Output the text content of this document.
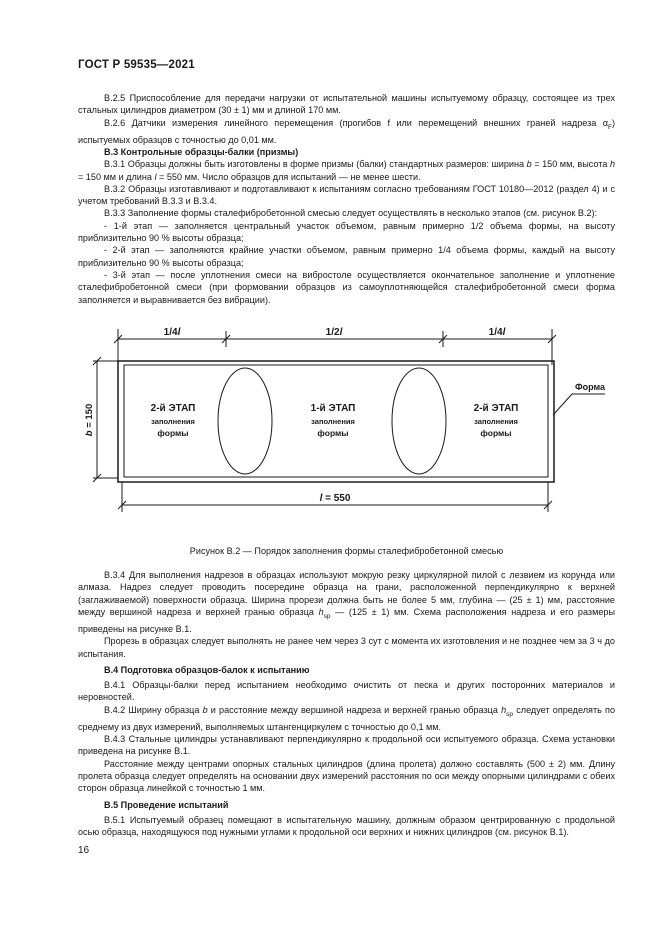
ГОСТ Р 59535—2021

В.2.5 Приспособление для передачи нагрузки от испытательной машины испытуемому образцу, состоящее из трех стальных цилиндров диаметром (30 ± 1) мм и длиной 170 мм.

В.2.6 Датчики измерения линейного перемещения (прогибов f или перемещений внешних граней надреза $\alpha_F$) испытуемых образцов с точностью до 0,01 мм.

В.3 Контрольные образцы-балки (призмы)

В.3.1 Образцы должны быть изготовлены в форме призмы (балки) стандартных размеров: ширина b = 150 мм, высота h = 150 мм и длина l = 550 мм. Число образцов для испытаний — не менее шести.

В.3.2 Образцы изготавливают и подготавливают к испытаниям согласно требованиям ГОСТ 10180—2012 (раздел 4) и с учетом требований В.3.3 и В.3.4.

В.3.3 Заполнение формы сталефибробетонной смесью следует осуществлять в несколько этапов (см. рисунок В.2):

- 1-й этап — заполняется центральный участок объемом, равным примерно 1/2 объема формы, на высоту приблизительно 90 % высоты образца;

- 2-й этап — заполняются крайние участки объемом, равным примерно 1/4 объема формы, каждый на высоту приблизительно 90 % высоты образца;

- 3-й этап — после уплотнения смеси на вибростоле осуществляется окончательное заполнение и уплотнение сталефибробетонной смеси (при формовании образцов из самоуплотняющейся сталефибробетонной смеси форма заполняется и выравнивается без вибрации).

1/4l	1/2l	1/4l
2-й ЭТАП
заполнения
формы
1-й ЭТАП
заполнения
формы
2-й ЭТАП
заполнения
формы
Форма
b = 150
l = 550
Рисунок В.2 — Порядок заполнения формы сталефибробетонной смесью

В.3.4 Для выполнения надрезов в образцах используют мокрую резку циркулярной пилой с лезвием из корунда или алмаза. Надрез следует проводить посередине образца на грани, расположенной перпендикулярно к верхней (заглаживаемой) поверхности образца. Ширина прорези должна быть не более 5 мм, глубина — (25 ± 1) мм, расстояние между вершиной надреза и верхней гранью образца $h_{sp}$ — (125 ± 1) мм. Схема расположения надреза и его размеры приведены на рисунке В.1.

Прорезь в образцах следует выполнять не ранее чем через 3 сут с момента их изготовления и не позднее чем за 3 ч до испытания.

В.4 Подготовка образцов-балок к испытанию

В.4.1 Образцы-балки перед испытанием необходимо очистить от песка и других посторонних материалов и неровностей.

В.4.2 Ширину образца b и расстояние между вершиной надреза и верхней гранью образца $h_{sp}$ следует определять по среднему из двух измерений, выполняемых штангенциркулем с точностью до 0,1 мм.

В.4.3 Стальные цилиндры устанавливают перпендикулярно к продольной оси испытуемого образца. Схема установки приведена на рисунке В.1.

Расстояние между центрами опорных стальных цилиндров (длина пролета) должно составлять (500 ± 2) мм. Длину пролета образца следует определять на основании двух измерений расстояния по оси между опорными цилиндрами с обеих сторон образца линейкой с точностью 1 мм.

В.5 Проведение испытаний

В.5.1 Испытуемый образец помещают в испытательную машину, должным образом центрированную с продольной осью образца, находящуюся под нужными углами к продольной оси верхних и нижних цилиндров (см. рисунок В.1).

16
